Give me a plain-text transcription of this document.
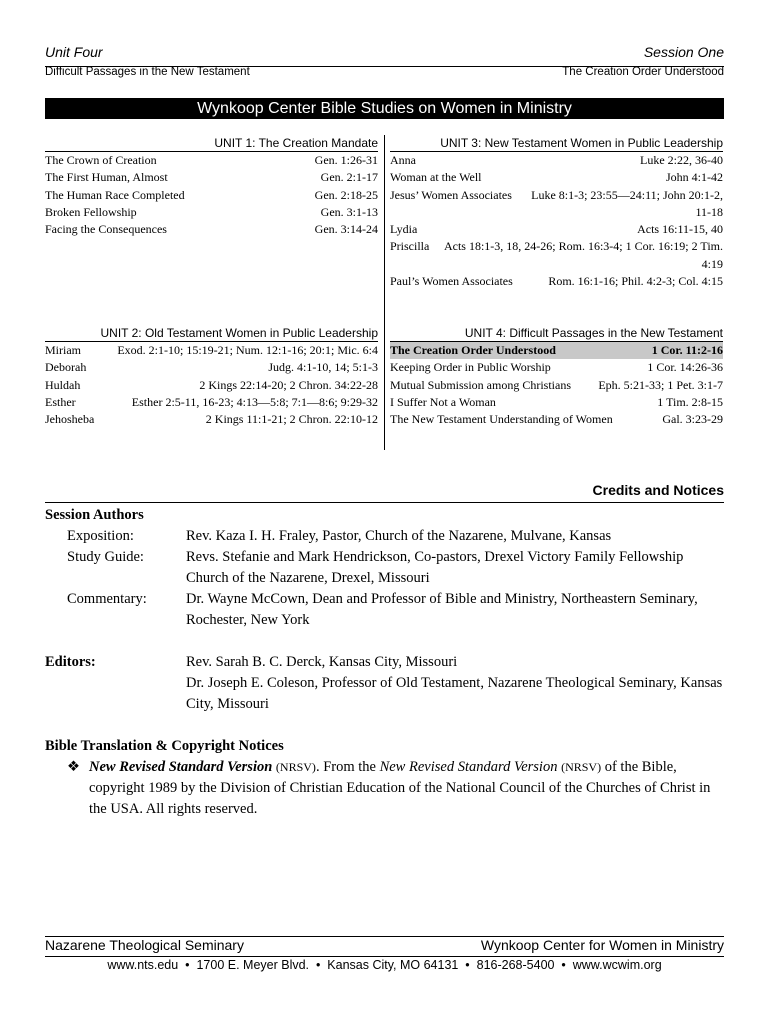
Unit Four	Session One
Difficult Passages in the New Testament	The Creation Order Understood
Wynkoop Center Bible Studies on Women in Ministry
UNIT 1: The Creation Mandate
The Crown of Creation	Gen. 1:26-31
The First Human, Almost	Gen. 2:1-17
The Human Race Completed	Gen. 2:18-25
Broken Fellowship	Gen. 3:1-13
Facing the Consequences	Gen. 3:14-24
UNIT 3: New Testament Women in Public Leadership
Anna	Luke 2:22, 36-40
Woman at the Well	John 4:1-42
Jesus’ Women Associates	Luke 8:1-3; 23:55—24:11; John 20:1-2, 11-18
Lydia	Acts 16:11-15, 40
Priscilla	Acts 18:1-3, 18, 24-26; Rom. 16:3-4; 1 Cor. 16:19; 2 Tim. 4:19
Paul’s Women Associates	Rom. 16:1-16; Phil. 4:2-3; Col. 4:15
UNIT 2: Old Testament Women in Public Leadership
Miriam	Exod. 2:1-10; 15:19-21; Num. 12:1-16; 20:1; Mic. 6:4
Deborah	Judg. 4:1-10, 14; 5:1-3
Huldah	2 Kings 22:14-20; 2 Chron. 34:22-28
Esther	Esther 2:5-11, 16-23; 4:13—5:8; 7:1—8:6; 9:29-32
Jehosheba	2 Kings 11:1-21; 2 Chron. 22:10-12
UNIT 4: Difficult Passages in the New Testament
The Creation Order Understood	1 Cor. 11:2-16
Keeping Order in Public Worship	1 Cor. 14:26-36
Mutual Submission among Christians	Eph. 5:21-33; 1 Pet. 3:1-7
I Suffer Not a Woman	1 Tim. 2:8-15
The New Testament Understanding of Women	Gal. 3:23-29
Credits and Notices
Session Authors
Exposition:	Rev. Kaza I. H. Fraley, Pastor, Church of the Nazarene, Mulvane, Kansas
Study Guide:	Revs. Stefanie and Mark Hendrickson, Co-pastors, Drexel Victory Family Fellowship Church of the Nazarene, Drexel, Missouri
Commentary:	Dr. Wayne McCown, Dean and Professor of Bible and Ministry, Northeastern Seminary, Rochester, New York
Editors:	Rev. Sarah B. C. Derck, Kansas City, Missouri
Dr. Joseph E. Coleson, Professor of Old Testament, Nazarene Theological Seminary, Kansas City, Missouri
Bible Translation & Copyright Notices
❖ New Revised Standard Version (NRSV). From the New Revised Standard Version (NRSV) of the Bible, copyright 1989 by the Division of Christian Education of the National Council of the Churches of Christ in the USA. All rights reserved.
Nazarene Theological Seminary	Wynkoop Center for Women in Ministry
www.nts.edu  •  1700 E. Meyer Blvd.  •  Kansas City, MO 64131  •  816-268-5400  •  www.wcwim.org
